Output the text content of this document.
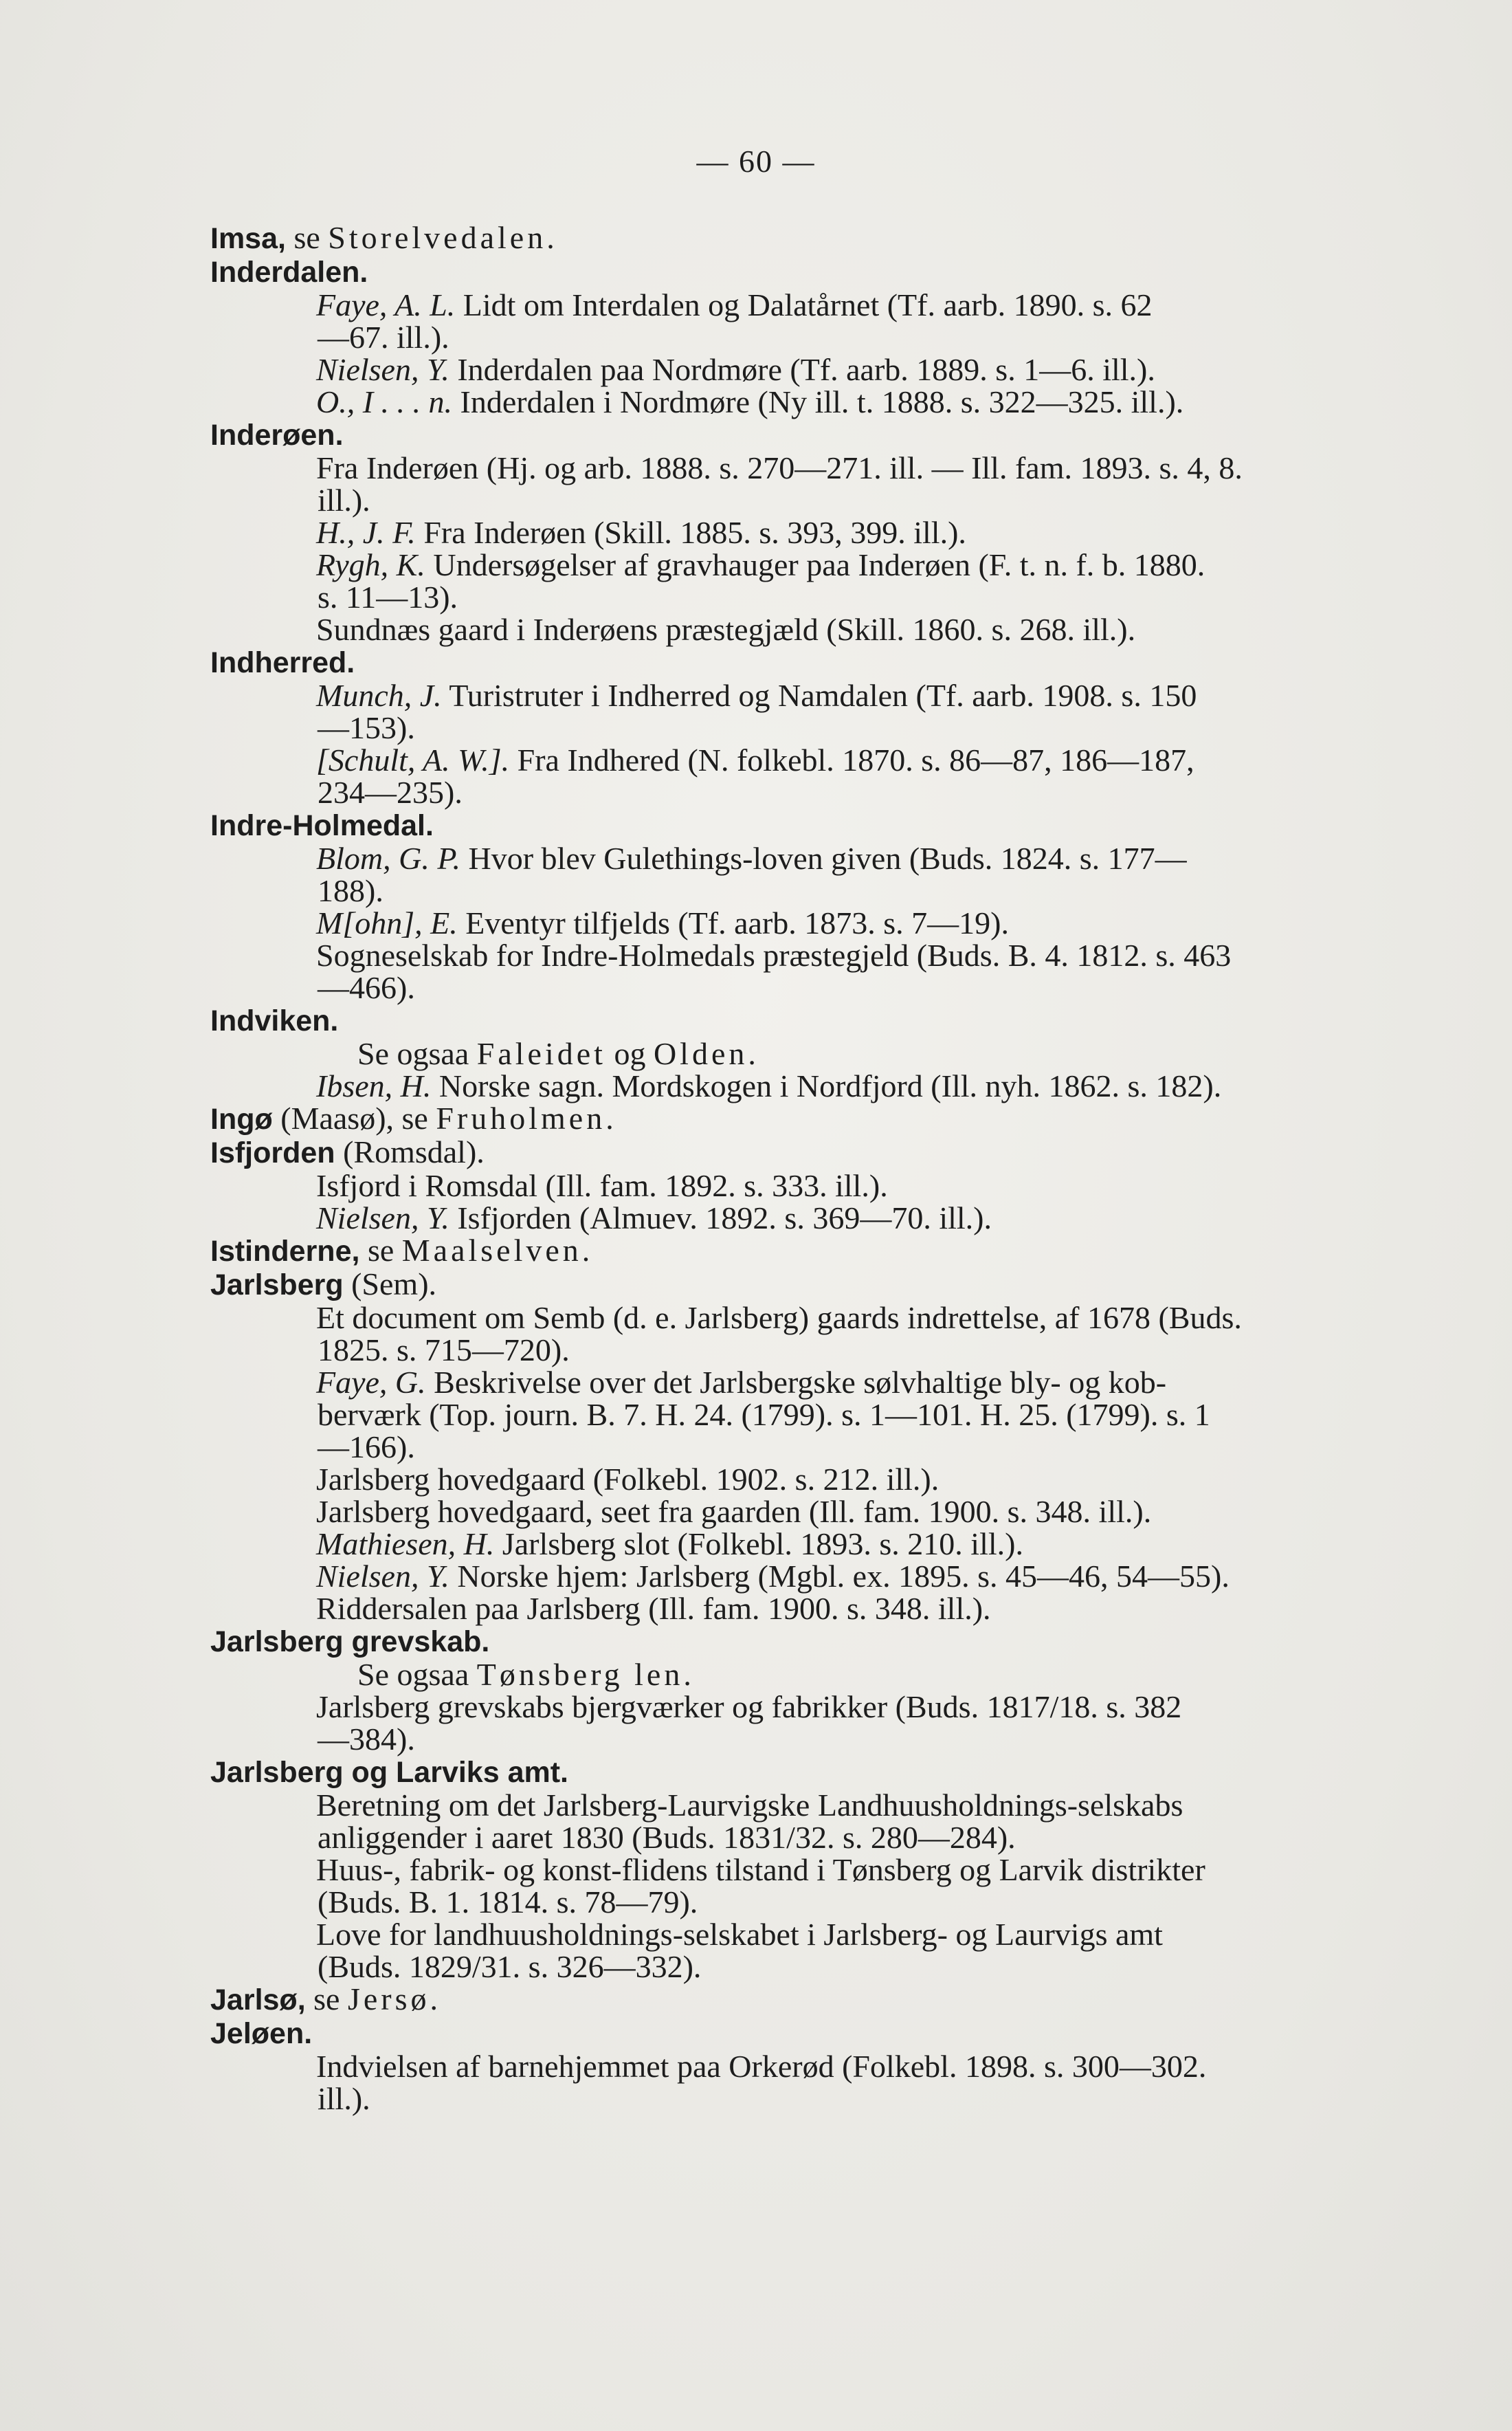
— 60 —
Imsa, se Storelvedalen.
Inderdalen.
Faye, A. L. Lidt om Interdalen og Dalatårnet (Tf. aarb. 1890. s. 62
—67. ill.).
Nielsen, Y. Inderdalen paa Nordmøre (Tf. aarb. 1889. s. 1—6. ill.).
O., I . . . n. Inderdalen i Nordmøre (Ny ill. t. 1888. s. 322—325. ill.).
Inderøen.
Fra Inderøen (Hj. og arb. 1888. s. 270—271. ill. — Ill. fam. 1893. s. 4, 8.
ill.).
H., J. F. Fra Inderøen (Skill. 1885. s. 393, 399. ill.).
Rygh, K. Undersøgelser af gravhauger paa Inderøen (F. t. n. f. b. 1880.
s. 11—13).
Sundnæs gaard i Inderøens præstegjæld (Skill. 1860. s. 268. ill.).
Indherred.
Munch, J. Turistruter i Indherred og Namdalen (Tf. aarb. 1908. s. 150
—153).
[Schult, A. W.]. Fra Indhered (N. folkebl. 1870. s. 86—87, 186—187,
234—235).
Indre-Holmedal.
Blom, G. P. Hvor blev Gulethings-loven given (Buds. 1824. s. 177—
188).
M[ohn], E. Eventyr tilfjelds (Tf. aarb. 1873. s. 7—19).
Sogneselskab for Indre-Holmedals præstegjeld (Buds. B. 4. 1812. s. 463
—466).
Indviken.
Se ogsaa Faleidet og Olden.
Ibsen, H. Norske sagn. Mordskogen i Nordfjord (Ill. nyh. 1862. s. 182).
Ingø (Maasø), se Fruholmen.
Isfjorden (Romsdal).
Isfjord i Romsdal (Ill. fam. 1892. s. 333. ill.).
Nielsen, Y. Isfjorden (Almuev. 1892. s. 369—70. ill.).
Istinderne, se Maalselven.
Jarlsberg (Sem).
Et document om Semb (d. e. Jarlsberg) gaards indrettelse, af 1678 (Buds.
1825. s. 715—720).
Faye, G. Beskrivelse over det Jarlsbergske sølvhaltige bly- og kob-
berværk (Top. journ. B. 7. H. 24. (1799). s. 1—101. H. 25. (1799). s. 1
—166).
Jarlsberg hovedgaard (Folkebl. 1902. s. 212. ill.).
Jarlsberg hovedgaard, seet fra gaarden (Ill. fam. 1900. s. 348. ill.).
Mathiesen, H. Jarlsberg slot (Folkebl. 1893. s. 210. ill.).
Nielsen, Y. Norske hjem: Jarlsberg (Mgbl. ex. 1895. s. 45—46, 54—55).
Riddersalen paa Jarlsberg (Ill. fam. 1900. s. 348. ill.).
Jarlsberg grevskab.
Se ogsaa Tønsberg len.
Jarlsberg grevskabs bjergværker og fabrikker (Buds. 1817/18. s. 382
—384).
Jarlsberg og Larviks amt.
Beretning om det Jarlsberg-Laurvigske Landhuusholdnings-selskabs
anliggender i aaret 1830 (Buds. 1831/32. s. 280—284).
Huus-, fabrik- og konst-flidens tilstand i Tønsberg og Larvik distrikter
(Buds. B. 1. 1814. s. 78—79).
Love for landhuusholdnings-selskabet i Jarlsberg- og Laurvigs amt
(Buds. 1829/31. s. 326—332).
Jarlsø, se Jersø.
Jeløen.
Indvielsen af barnehjemmet paa Orkerød (Folkebl. 1898. s. 300—302.
ill.).
